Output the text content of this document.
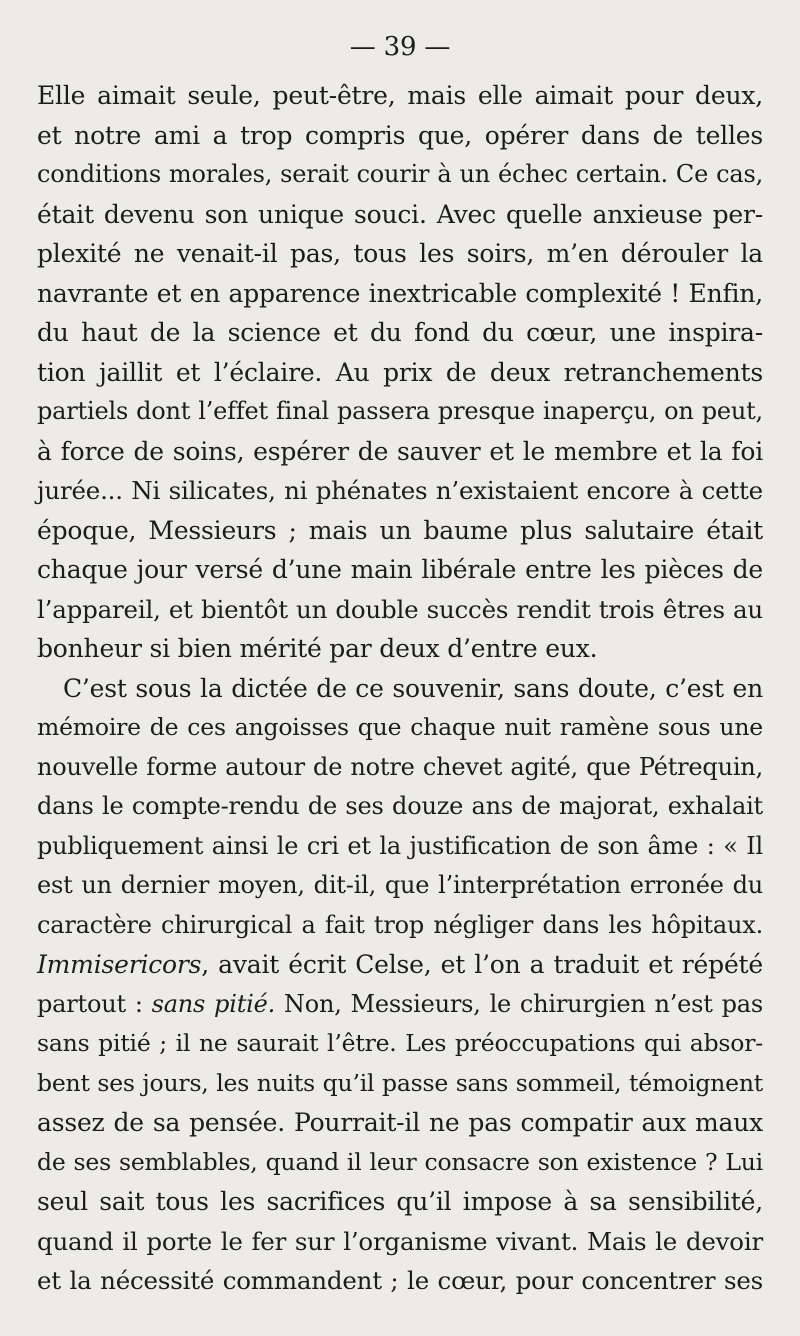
— 39 —
Elle aimait seule, peut-être, mais elle aimait pour deux,
et notre ami a trop compris que, opérer dans de telles
conditions morales, serait courir à un échec certain. Ce cas,
était devenu son unique souci. Avec quelle anxieuse per-
plexité ne venait-il pas, tous les soirs, m’en dérouler la
navrante et en apparence inextricable complexité ! Enfin,
du haut de la science et du fond du cœur, une inspira-
tion jaillit et l’éclaire. Au prix de deux retranchements
partiels dont l’effet final passera presque inaperçu, on peut,
à force de soins, espérer de sauver et le membre et la foi
jurée... Ni silicates, ni phénates n’existaient encore à cette
époque, Messieurs ; mais un baume plus salutaire était
chaque jour versé d’une main libérale entre les pièces de
l’appareil, et bientôt un double succès rendit trois êtres au
bonheur si bien mérité par deux d’entre eux.
C’est sous la dictée de ce souvenir, sans doute, c’est en
mémoire de ces angoisses que chaque nuit ramène sous une
nouvelle forme autour de notre chevet agité, que Pétrequin,
dans le compte-rendu de ses douze ans de majorat, exhalait
publiquement ainsi le cri et la justification de son âme : « Il
est un dernier moyen, dit-il, que l’interprétation erronée du
caractère chirurgical a fait trop négliger dans les hôpitaux.
Immisericors, avait écrit Celse, et l’on a traduit et répété
partout : sans pitié. Non, Messieurs, le chirurgien n’est pas
sans pitié ; il ne saurait l’être. Les préoccupations qui absor-
bent ses jours, les nuits qu’il passe sans sommeil, témoignent
assez de sa pensée. Pourrait-il ne pas compatir aux maux
de ses semblables, quand il leur consacre son existence ? Lui
seul sait tous les sacrifices qu’il impose à sa sensibilité,
quand il porte le fer sur l’organisme vivant. Mais le devoir
et la nécessité commandent ; le cœur, pour concentrer ses
